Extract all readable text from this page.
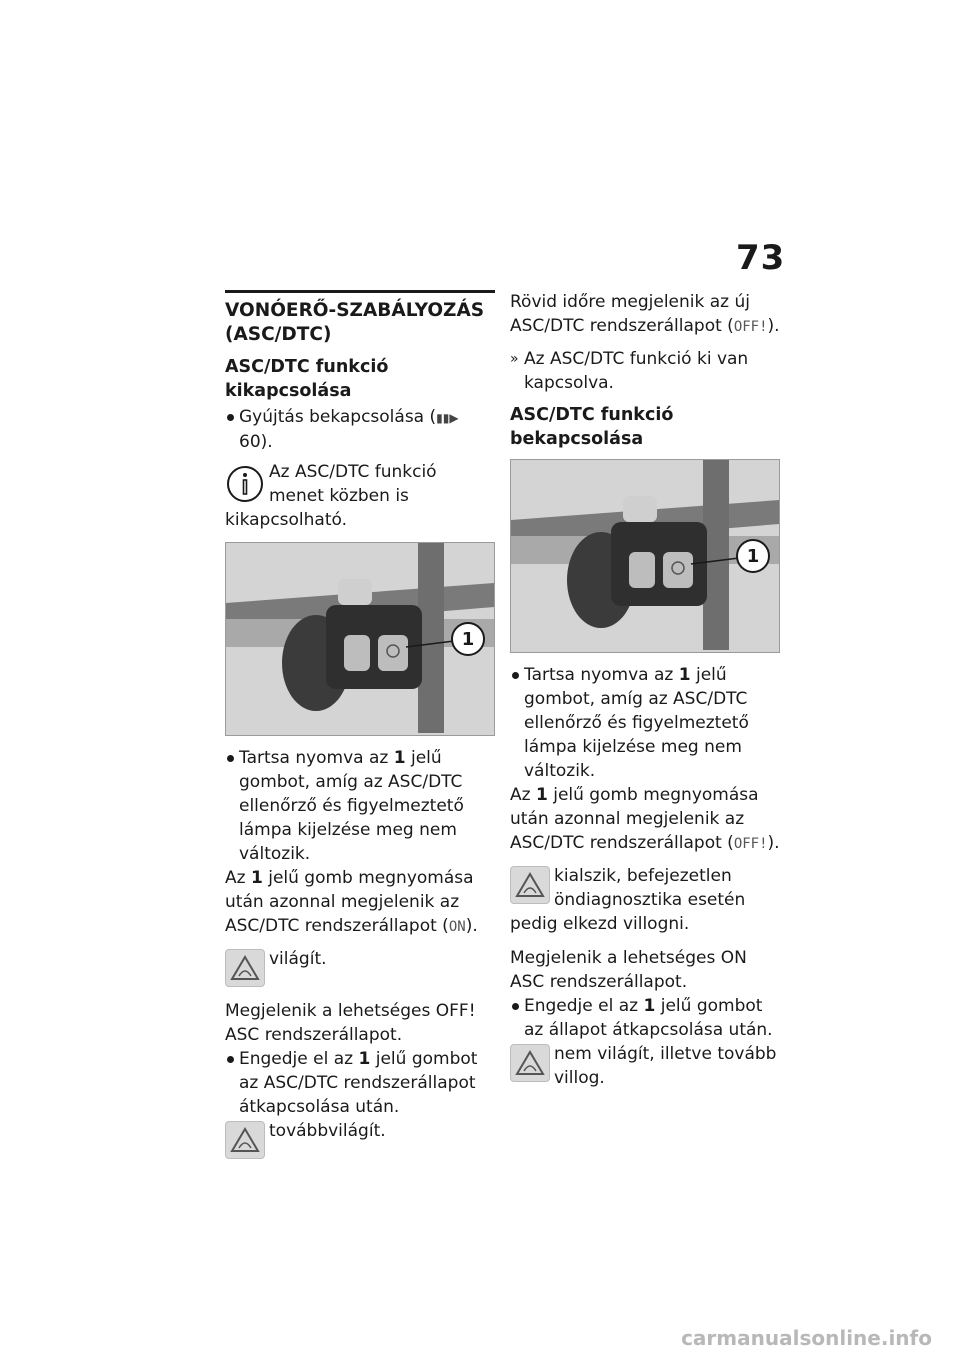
73
VONÓERŐ-SZABÁLYOZÁS (ASC/DTC)
ASC/DTC funkció kikapcsolása
Gyújtás bekapcsolása (▮▮▶ 60).
Az ASC/DTC funkció menet közben is kikapcsolható.
Tartsa nyomva az 1 jelű gombot, amíg az ASC/DTC ellenőrző és figyelmeztető lámpa kijelzése meg nem változik.
Az 1 jelű gomb megnyomása után azonnal megjelenik az ASC/DTC rendszerállapot (ON).
világít.
Megjelenik a lehetséges OFF! ASC rendszerállapot.
Engedje el az 1 jelű gombot az ASC/DTC rendszerállapot átkapcsolása után.
továbbvilágít.
Rövid időre megjelenik az új ASC/DTC rendszerállapot (OFF!).
» Az ASC/DTC funkció ki van kapcsolva.
ASC/DTC funkció bekapcsolása
Tartsa nyomva az 1 jelű gombot, amíg az ASC/DTC ellenőrző és figyelmeztető lámpa kijelzése meg nem változik.
Az 1 jelű gomb megnyomása után azonnal megjelenik az ASC/DTC rendszerállapot (OFF!).
kialszik, befejezetlen öndiagnosztika esetén pedig elkezd villogni.
Megjelenik a lehetséges ON ASC rendszerállapot.
Engedje el az 1 jelű gombot az állapot átkapcsolása után.
nem világít, illetve tovább villog.
1
carmanualsonline.info
1
